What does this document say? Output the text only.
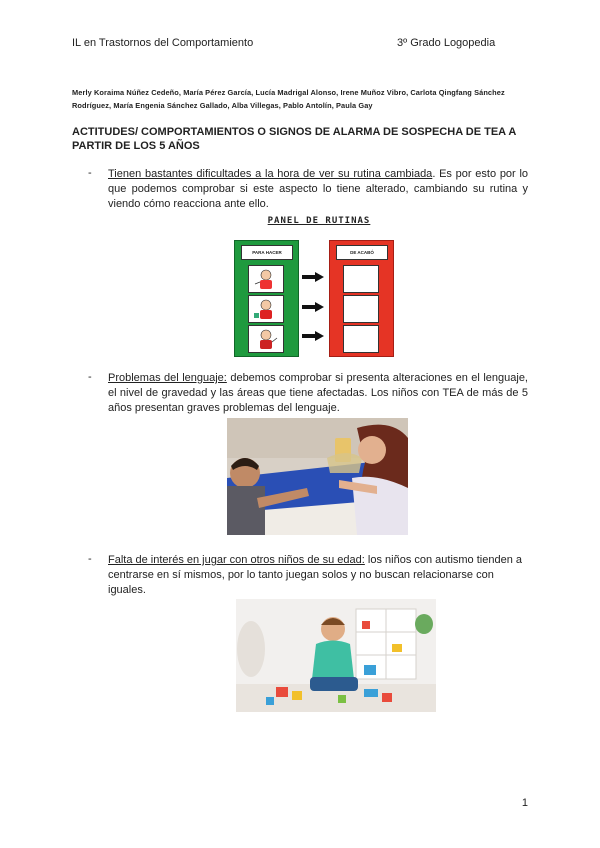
IL en Trastornos del Comportamiento	3º Grado Logopedia
Merly Koraima Núñez Cedeño, María Pérez García, Lucía Madrigal Alonso, Irene Muñoz Vibro, Carlota Qingfang Sánchez
Rodríguez, María Engenia Sánchez Gallado, Alba Villegas, Pablo Antolín, Paula Gay
ACTITUDES/ COMPORTAMIENTOS O SIGNOS DE ALARMA DE SOSPECHA DE TEA A PARTIR DE LOS 5 AÑOS
- Tienen bastantes dificultades a la hora de ver su rutina cambiada. Es por esto por lo que podemos comprobar si este aspecto lo tiene alterado, cambiando su rutina y viendo cómo reacciona ante ello.
PANEL DE RUTINAS
PARA HACER	DE ACABÓ
- Problemas del lenguaje: debemos comprobar si presenta alteraciones en el lenguaje, el nivel de gravedad y las áreas que tiene afectadas. Los niños con TEA de más de 5 años presentan graves problemas del lenguaje.
- Falta de interés en jugar con otros niños de su edad: los niños con autismo tienden a centrarse en sí mismos, por lo tanto juegan solos y no buscan relacionarse con iguales.
1
